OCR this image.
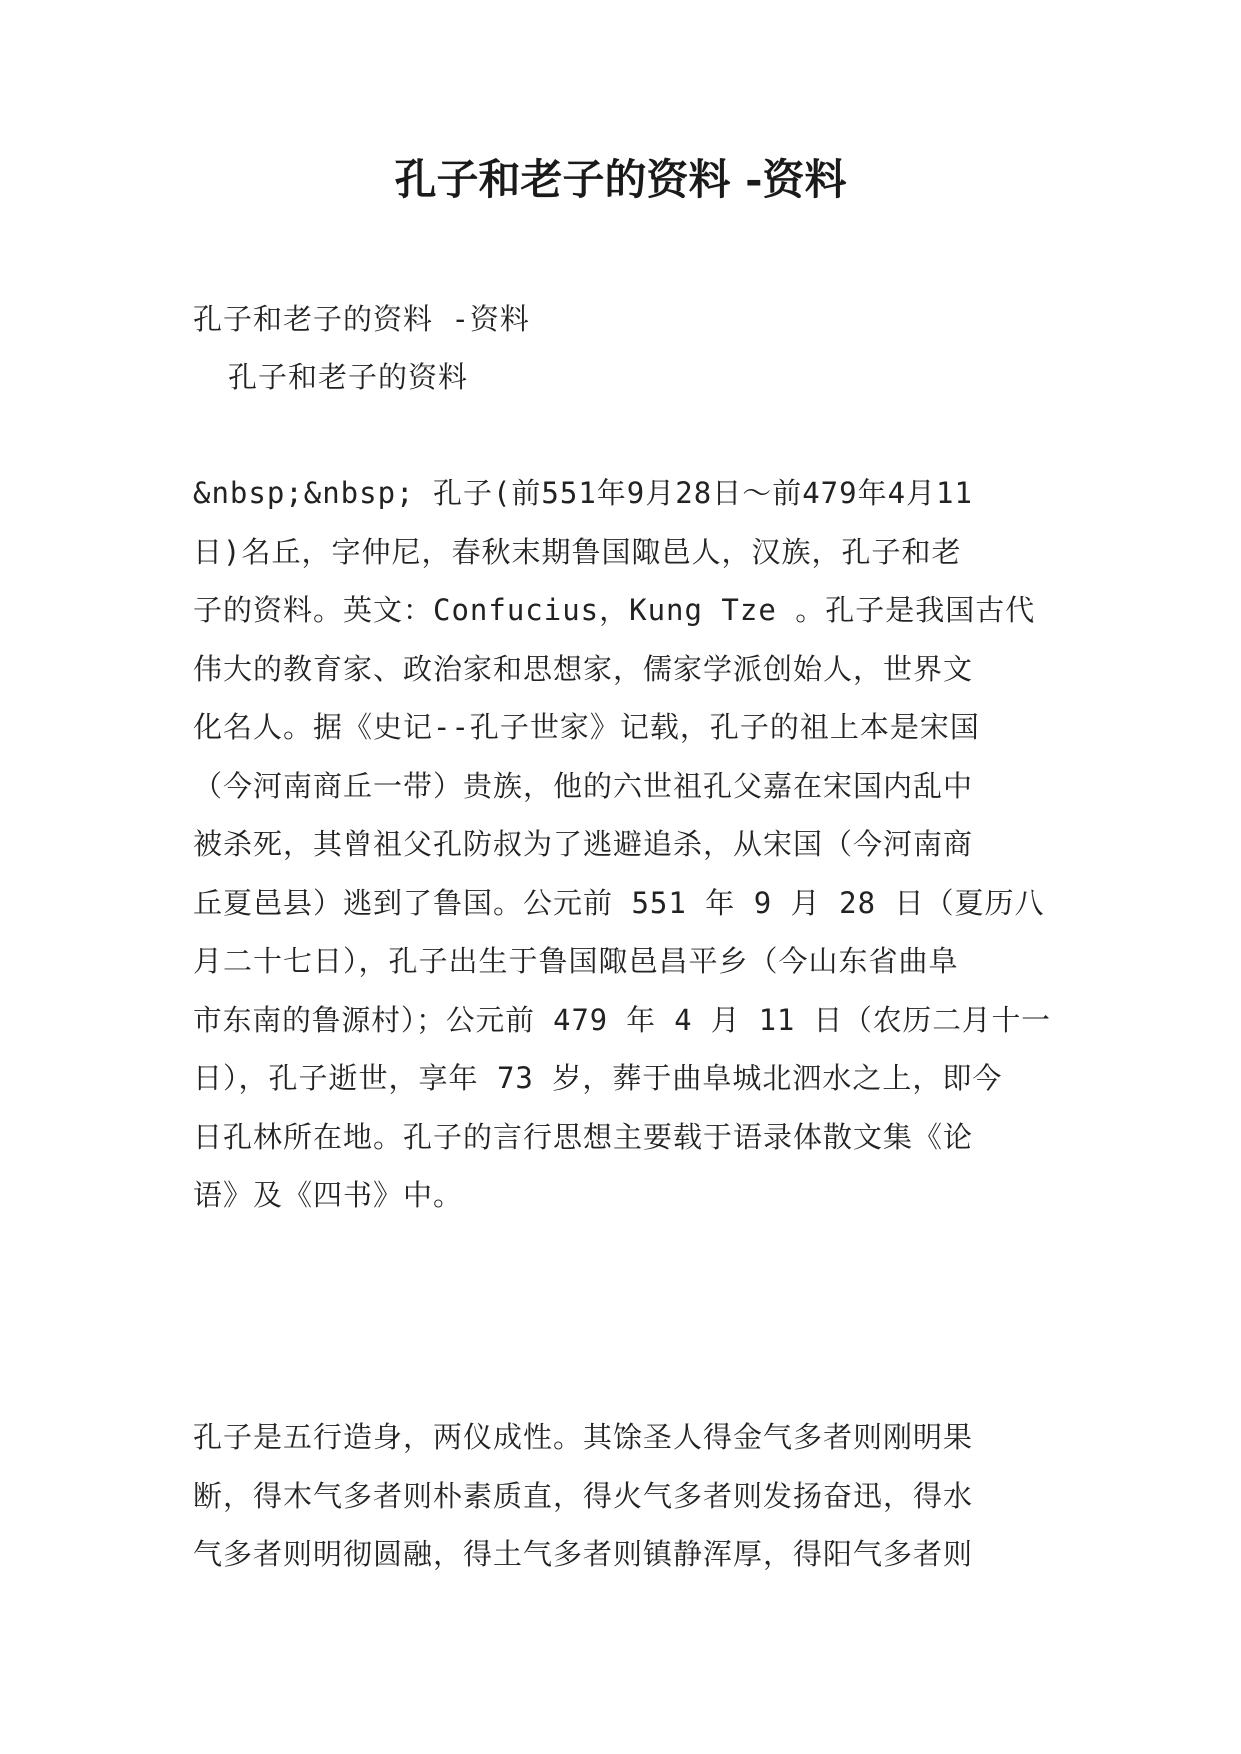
孔子和老子的资料 -资料
孔子和老子的资料 -资料
孔子和老子的资料
&nbsp;&nbsp; 孔子(前551年9月28日～前479年4月11
日)名丘，字仲尼，春秋末期鲁国陬邑人，汉族，孔子和老
子的资料。英文：Confucius，Kung Tze 。孔子是我国古代
伟大的教育家、政治家和思想家，儒家学派创始人，世界文
化名人。据《史记--孔子世家》记载，孔子的祖上本是宋国
（今河南商丘一带）贵族，他的六世祖孔父嘉在宋国内乱中
被杀死，其曾祖父孔防叔为了逃避追杀，从宋国（今河南商
丘夏邑县）逃到了鲁国。公元前 551 年 9 月 28 日（夏历八
月二十七日），孔子出生于鲁国陬邑昌平乡（今山东省曲阜
市东南的鲁源村）；公元前 479 年 4 月 11 日（农历二月十一
日），孔子逝世，享年 73 岁，葬于曲阜城北泗水之上，即今
日孔林所在地。孔子的言行思想主要载于语录体散文集《论
语》及《四书》中。
孔子是五行造身，两仪成性。其馀圣人得金气多者则刚明果
断，得木气多者则朴素质直，得火气多者则发扬奋迅，得水
气多者则明彻圆融，得土气多者则镇静浑厚，得阳气多者则
